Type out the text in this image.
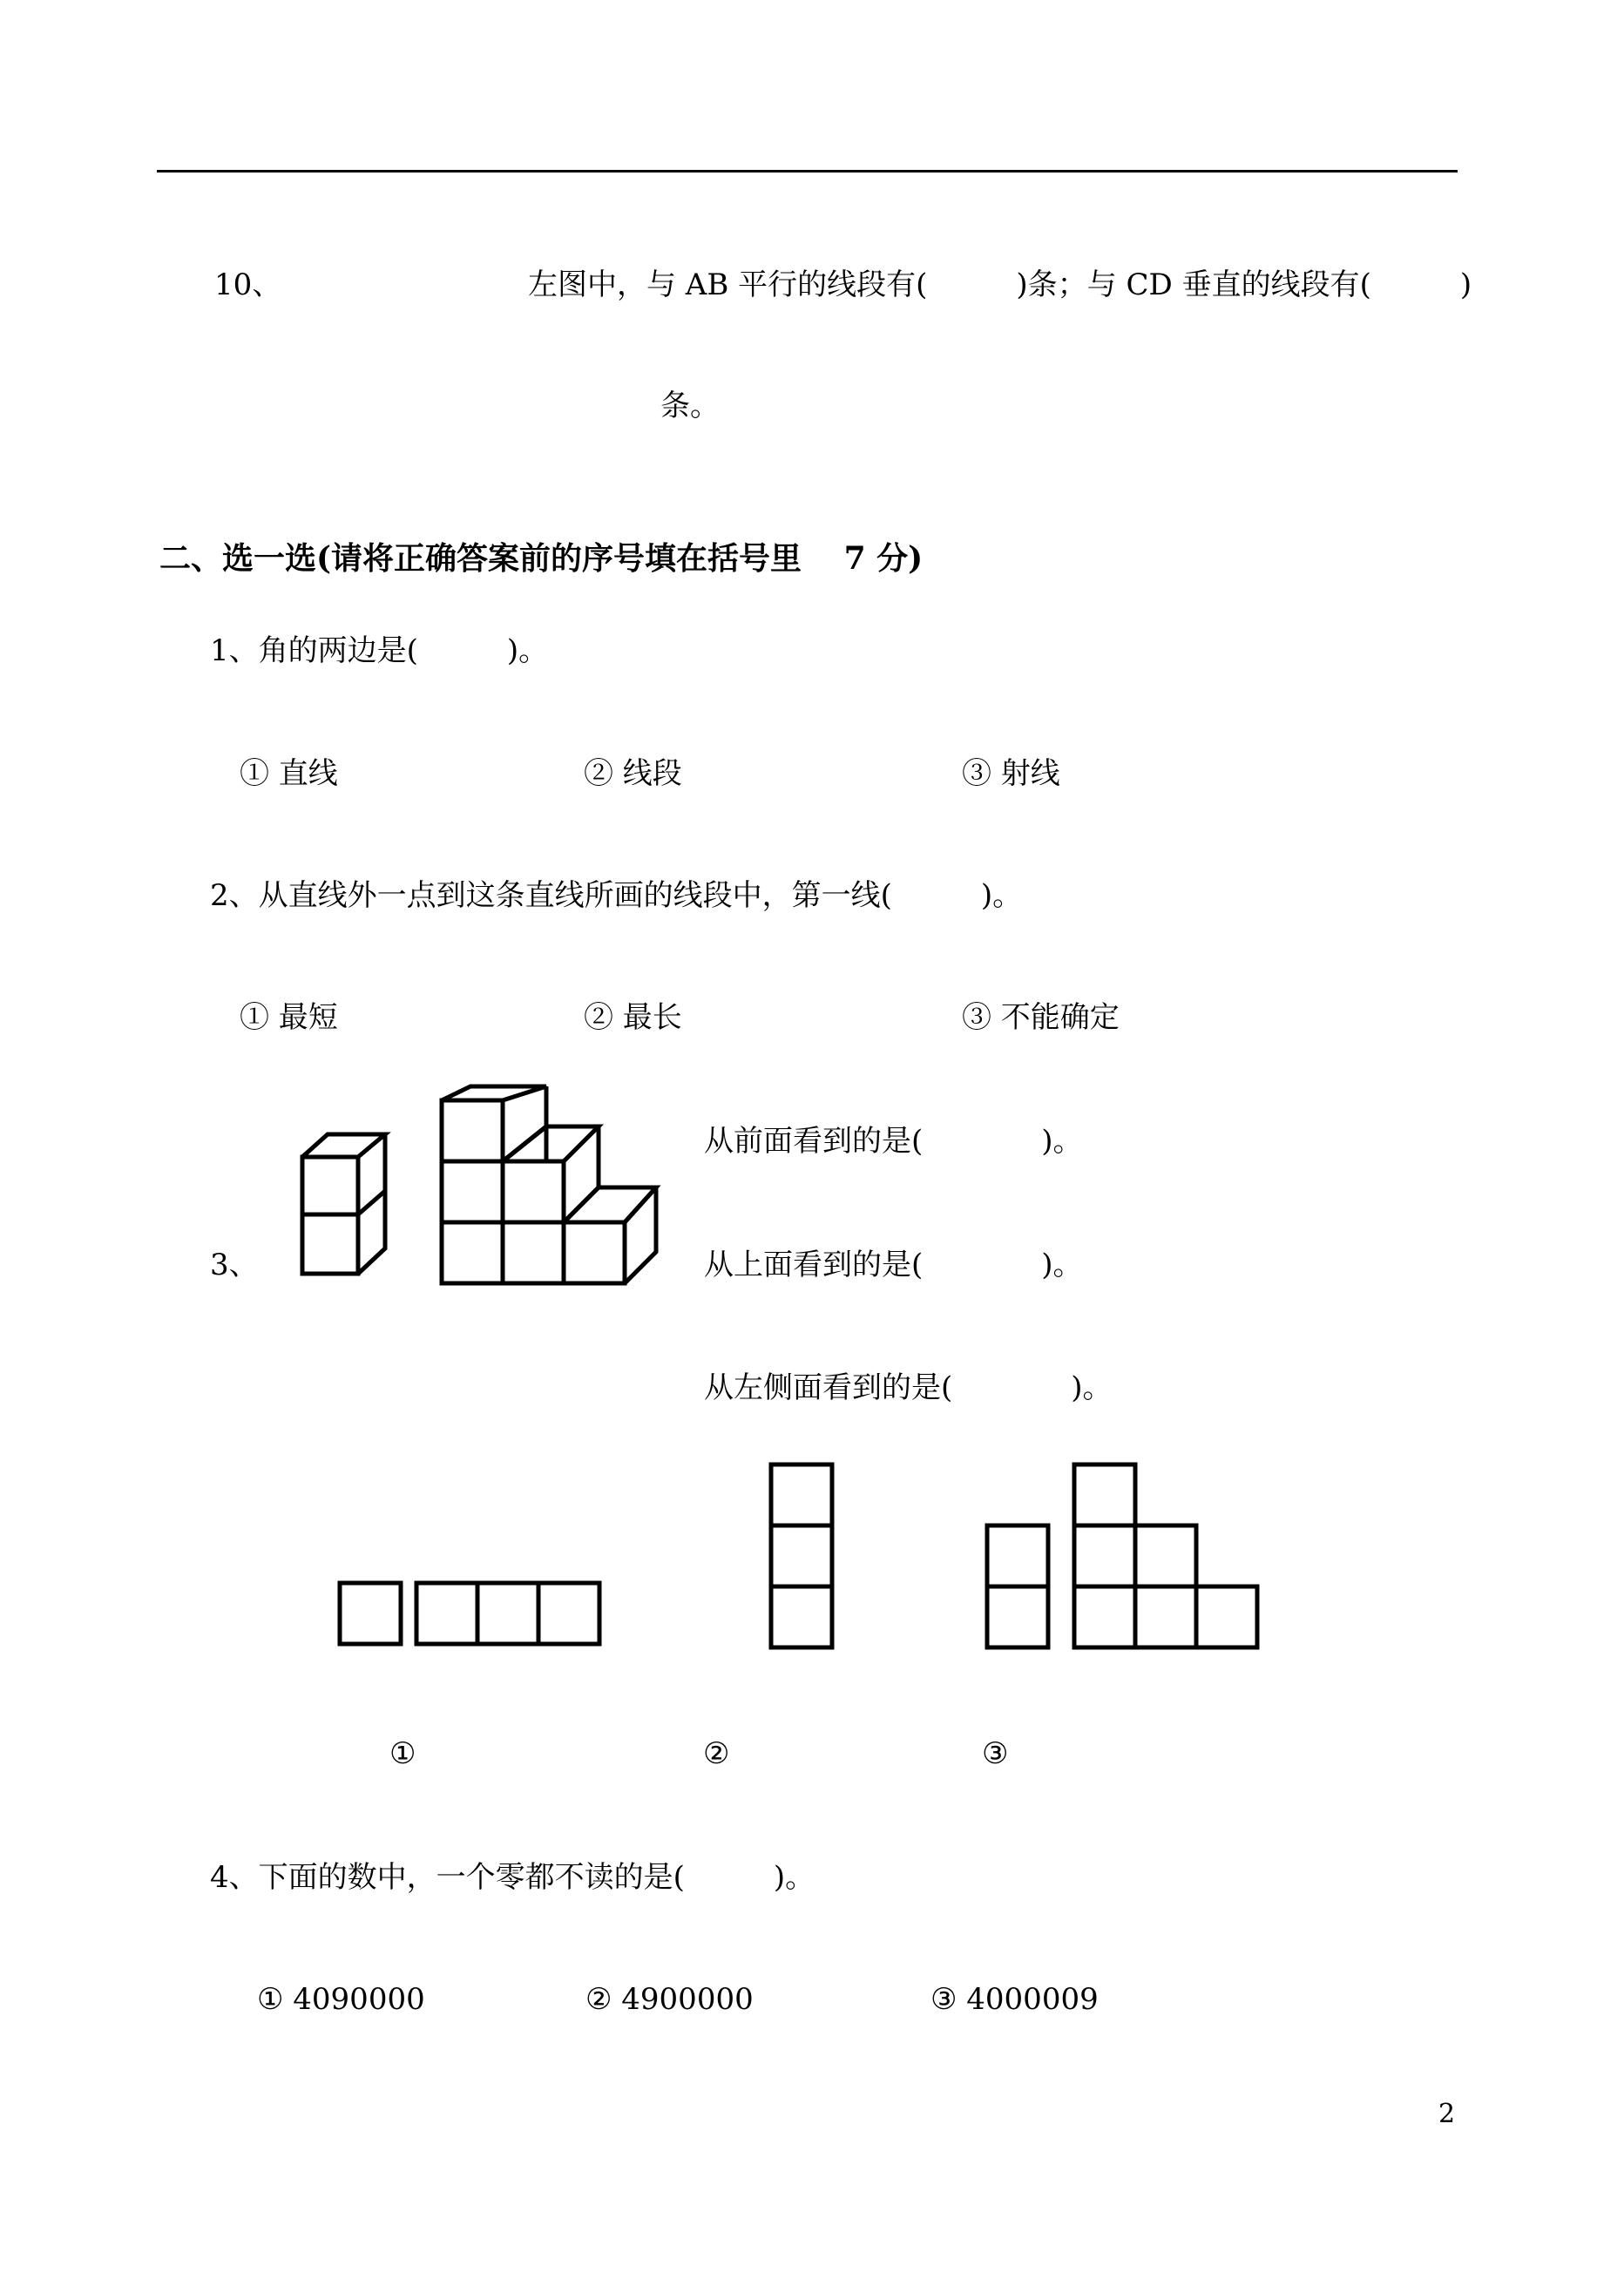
10、	左图中，与 AB 平行的线段有(　　　)条；与 CD 垂直的线段有(　　　)
条。
二、选一选(请将正确答案前的序号填在括号里　 7 分)
1、角的两边是(　　　)。
① 直线	② 线段	③ 射线
2、从直线外一点到这条直线所画的线段中，第一线(　　　)。
① 最短	② 最长	③ 不能确定
3、
从前面看到的是(　　　　)。
从上面看到的是(　　　　)。
从左侧面看到的是(　　　　)。
①	②	③
4、下面的数中，一个零都不读的是(　　　)。
① 4090000	② 4900000	③ 4000009
2
